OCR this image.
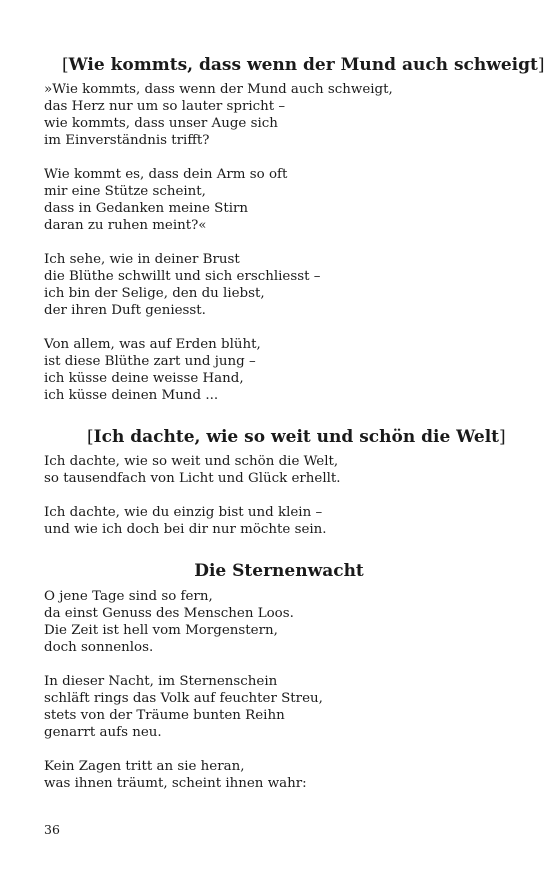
[Wie kommts, dass wenn der Mund auch schweigt]

»Wie kommts, dass wenn der Mund auch schweigt,
das Herz nur um so lauter spricht –
wie kommts, dass unser Auge sich
im Einverständnis trifft?

Wie kommt es, dass dein Arm so oft
mir eine Stütze scheint,
dass in Gedanken meine Stirn
daran zu ruhen meint?«

Ich sehe, wie in deiner Brust
die Blüthe schwillt und sich erschliesst –
ich bin der Selige, den du liebst,
der ihren Duft geniesst.

Von allem, was auf Erden blüht,
ist diese Blüthe zart und jung –
ich küsse deine weisse Hand,
ich küsse deinen Mund ...

[Ich dachte, wie so weit und schön die Welt]

Ich dachte, wie so weit und schön die Welt,
so tausendfach von Licht und Glück erhellt.

Ich dachte, wie du einzig bist und klein –
und wie ich doch bei dir nur möchte sein.

Die Sternenwacht

O jene Tage sind so fern,
da einst Genuss des Menschen Loos.
Die Zeit ist hell vom Morgenstern,
doch sonnenlos.

In dieser Nacht, im Sternenschein
schläft rings das Volk auf feuchter Streu,
stets von der Träume bunten Reihn
genarrt aufs neu.

Kein Zagen tritt an sie heran,
was ihnen träumt, scheint ihnen wahr:

36
